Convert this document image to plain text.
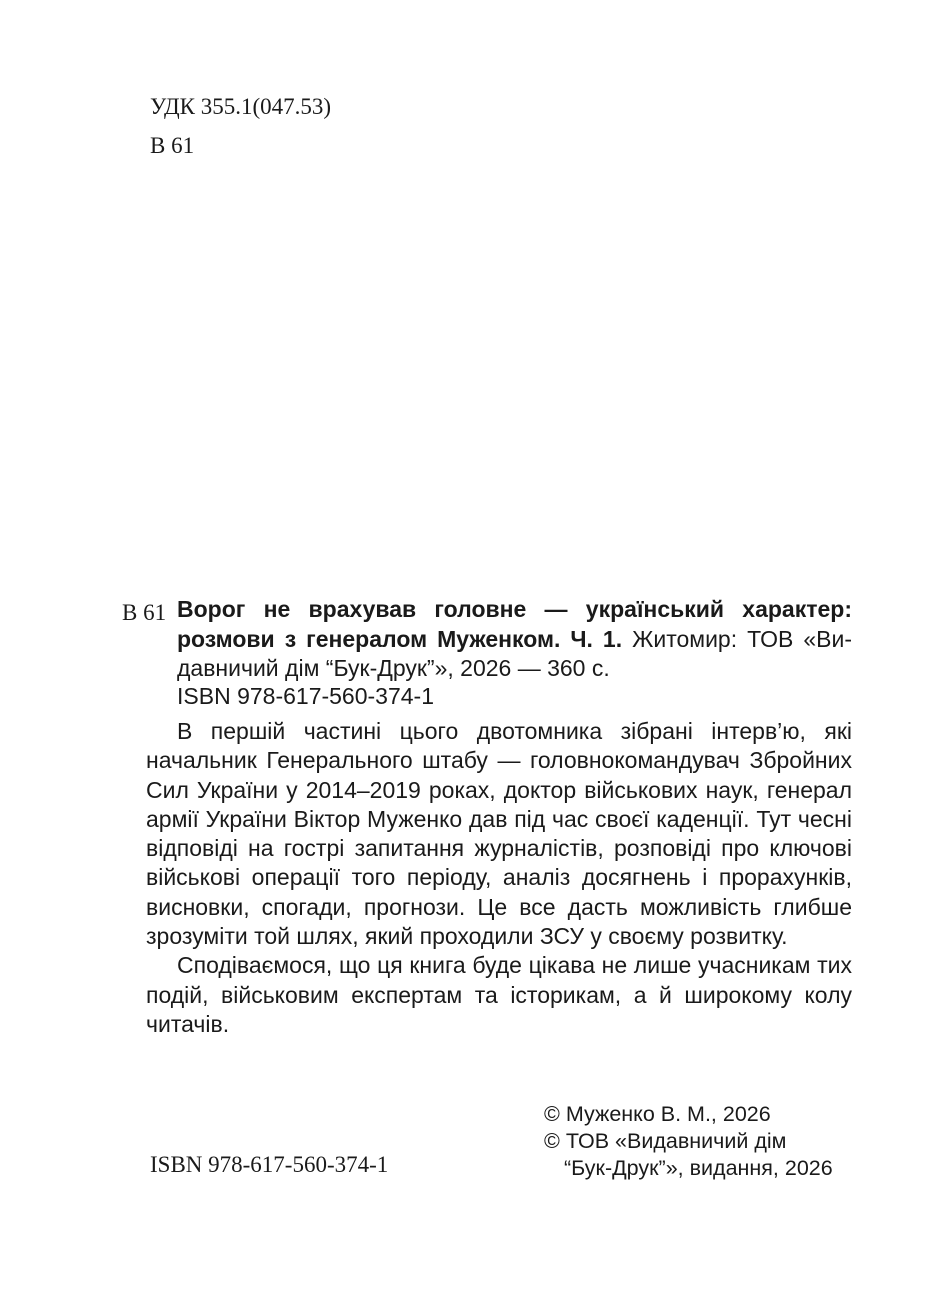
УДК 355.1(047.53)
В 61
В 61 Ворог не врахував головне — український характер:
розмови з генералом Муженком. Ч. 1. Житомир: ТОВ «Ви-
давничий дім “Бук-Друк”», 2026 — 360 с.
ISBN 978-617-560-374-1

В першій частині цього двотомника зібрані інтерв’ю, які начальник Генерального штабу — головнокомандувач Збройних Сил України у 2014–2019 роках, доктор військових наук, генерал армії України Віктор Муженко дав під час своєї каденції. Тут чесні відповіді на гострі запитання журналістів, розповіді про ключові військові операції того періоду, аналіз досягнень і прорахунків, висновки, спогади, прогнози. Це все дасть можливість глибше зрозуміти той шлях, який проходили ЗСУ у своєму розвитку.

Сподіваємося, що ця книга буде цікава не лише учасникам тих подій, військовим експертам та історикам, а й широкому колу читачів.

© Муженко В. М., 2026
© ТОВ «Видавничий дім
“Бук-Друк”», видання, 2026
ISBN 978-617-560-374-1
